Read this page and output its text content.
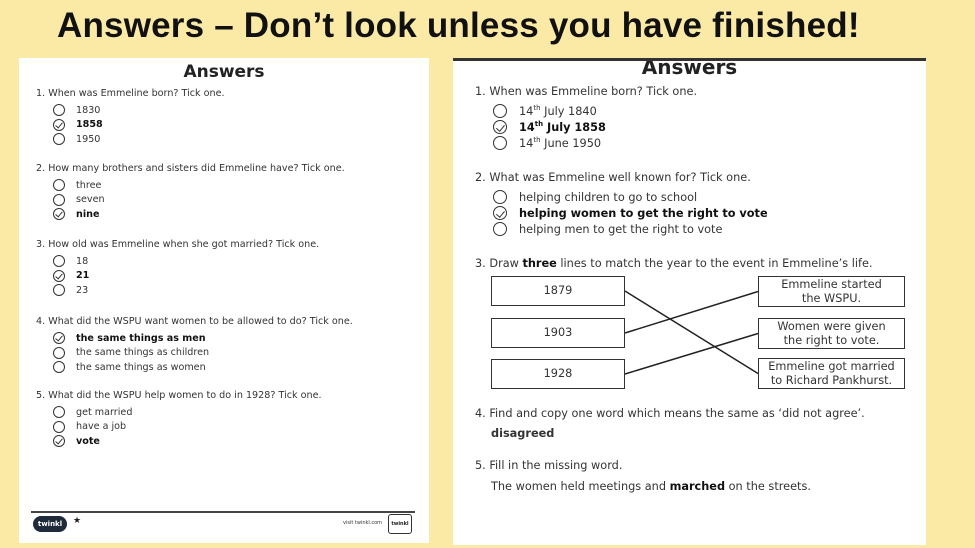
Answers – Don’t look unless you have finished!
Answers
1. When was Emmeline born? Tick one.
1830
1858
1950
2. How many brothers and sisters did Emmeline have? Tick one.
three
seven
nine
3. How old was Emmeline when she got married? Tick one.
18
21
23
4. What did the WSPU want women to be allowed to do? Tick one.
the same things as men
the same things as children
the same things as women
5. What did the WSPU help women to do in 1928? Tick one.
get married
have a job
vote
twinkl	★	visit twinkl.com	twinkl
Answers
1. When was Emmeline born? Tick one.
14th July 1840
14th July 1858
14th June 1950
2. What was Emmeline well known for? Tick one.
helping children to go to school
helping women to get the right to vote
helping men to get the right to vote
3. Draw three lines to match the year to the event in Emmeline’s life.
1879
1903
1928
Emmeline started the WSPU.
Women were given the right to vote.
Emmeline got married to Richard Pankhurst.
4. Find and copy one word which means the same as ‘did not agree’.
disagreed
5. Fill in the missing word.
The women held meetings and marched on the streets.
